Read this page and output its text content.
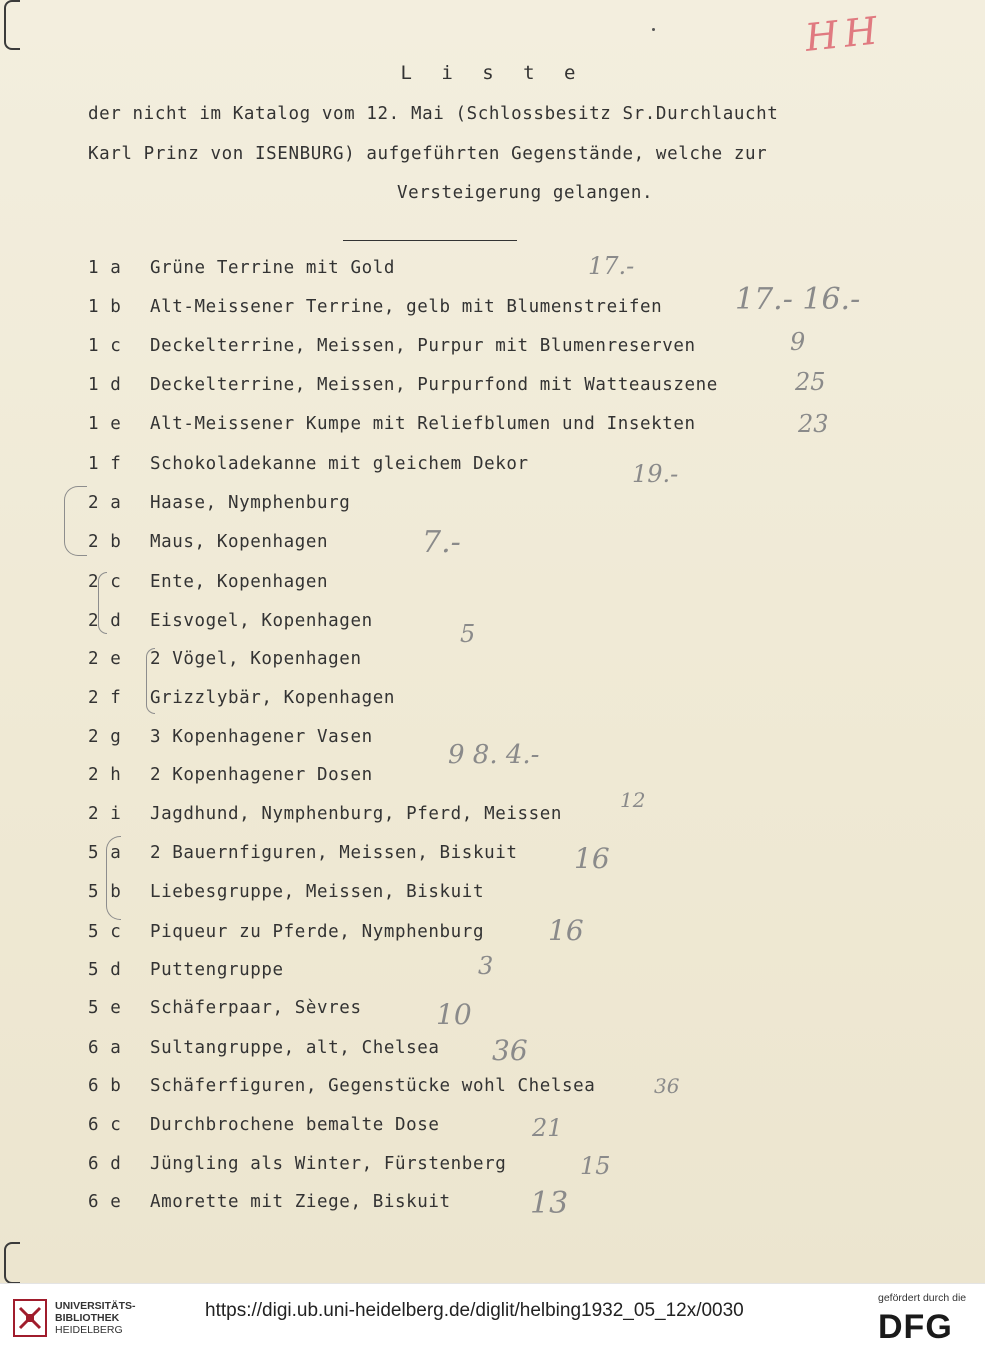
HH
L i s t e
der nicht im Katalog vom 12. Mai (Schlossbesitz Sr.Durchlaucht
Karl Prinz von ISENBURG) aufgeführten Gegenstände, welche zur
Versteigerung gelangen.
1 a Grüne Terrine mit Gold
1 b Alt-Meissener Terrine, gelb mit Blumenstreifen
1 c Deckelterrine, Meissen, Purpur mit Blumenreserven
1 d Deckelterrine, Meissen, Purpurfond mit Watteauszene
1 e Alt-Meissener Kumpe mit Reliefblumen und Insekten
1 f Schokoladekanne mit gleichem Dekor
2 a Haase, Nymphenburg
2 b Maus, Kopenhagen
2 c Ente, Kopenhagen
2 d Eisvogel, Kopenhagen
2 e 2 Vögel, Kopenhagen
2 f Grizzlybär, Kopenhagen
2 g 3 Kopenhagener Vasen
2 h 2 Kopenhagener Dosen
2 i Jagdhund, Nymphenburg, Pferd, Meissen
5 a 2 Bauernfiguren, Meissen, Biskuit
5 b Liebesgruppe, Meissen, Biskuit
5 c Piqueur zu Pferde, Nymphenburg
5 d Puttengruppe
5 e Schäferpaar, Sèvres
6 a Sultangruppe, alt, Chelsea
6 b Schäferfiguren, Gegenstücke wohl Chelsea
6 c Durchbrochene bemalte Dose
6 d Jüngling als Winter, Fürstenberg
6 e Amorette mit Ziege, Biskuit
17.-
17.- 16.-
9
25
23
19.-
7.-
5
9 8. 4.-
12
16
16
3
10
36
36
21
15
13
UNIVERSITÄTS-
BIBLIOTHEK
HEIDELBERG
https://digi.ub.uni-heidelberg.de/diglit/helbing1932_05_12x/0030
gefördert durch die
DFG
